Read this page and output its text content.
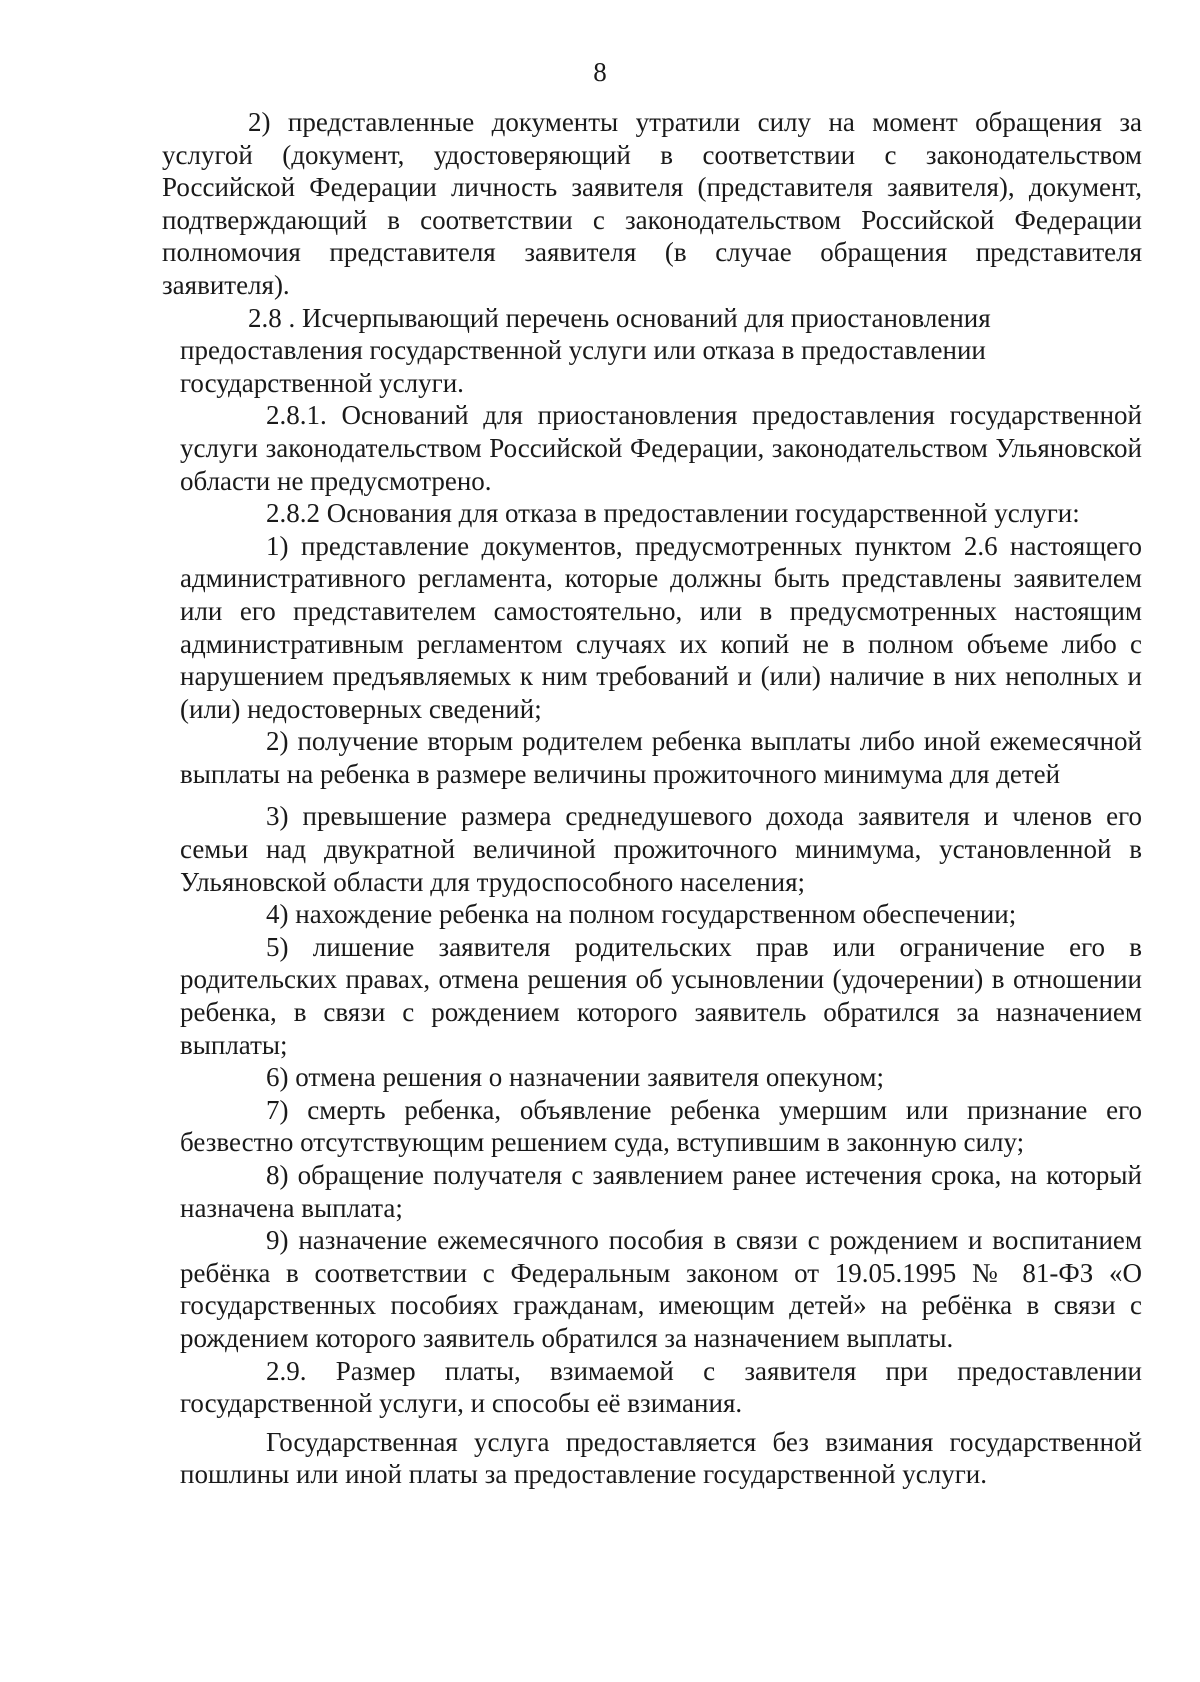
8

2) представленные документы утратили силу на момент обращения за услугой (документ, удостоверяющий в соответствии с законодательством Российской Федерации личность заявителя (представителя заявителя), документ, подтверждающий в соответствии с законодательством Российской Федерации полномочия представителя заявителя (в случае обращения представителя заявителя).

2.8 . Исчерпывающий перечень оснований для приостановления предоставления государственной услуги или отказа в предоставлении государственной услуги.

2.8.1. Оснований для приостановления предоставления государственной услуги законодательством Российской Федерации, законодательством Ульяновской области не предусмотрено.

2.8.2 Основания для отказа в предоставлении государственной услуги:

1) представление документов, предусмотренных пунктом 2.6 настоящего административного регламента, которые должны быть представлены заявителем или его представителем самостоятельно, или в предусмотренных настоящим административным регламентом случаях их копий не в полном объеме либо с нарушением предъявляемых к ним требований и (или) наличие в них неполных и (или) недостоверных сведений;

2) получение вторым родителем ребенка выплаты либо иной ежемесячной выплаты на ребенка в размере величины прожиточного минимума для детей

3) превышение размера среднедушевого дохода заявителя и членов его семьи над двукратной величиной прожиточного минимума, установленной в Ульяновской области для трудоспособного населения;

4) нахождение ребенка на полном государственном обеспечении;

5) лишение заявителя родительских прав или ограничение его в родительских правах, отмена решения об усыновлении (удочерении) в отношении ребенка, в связи с рождением которого заявитель обратился за назначением выплаты;

6) отмена решения о назначении заявителя опекуном;

7) смерть ребенка, объявление ребенка умершим или признание его безвестно отсутствующим решением суда, вступившим в законную силу;

8) обращение получателя с заявлением ранее истечения срока, на который назначена выплата;

9) назначение ежемесячного пособия в связи с рождением и воспитанием ребёнка в соответствии с Федеральным законом от 19.05.1995 № 81-ФЗ «О государственных пособиях гражданам, имеющим детей» на ребёнка в связи с рождением которого заявитель обратился за назначением выплаты.

2.9. Размер платы, взимаемой с заявителя при предоставлении государственной услуги, и способы её взимания.

Государственная услуга предоставляется без взимания государственной пошлины или иной платы за предоставление государственной услуги.
